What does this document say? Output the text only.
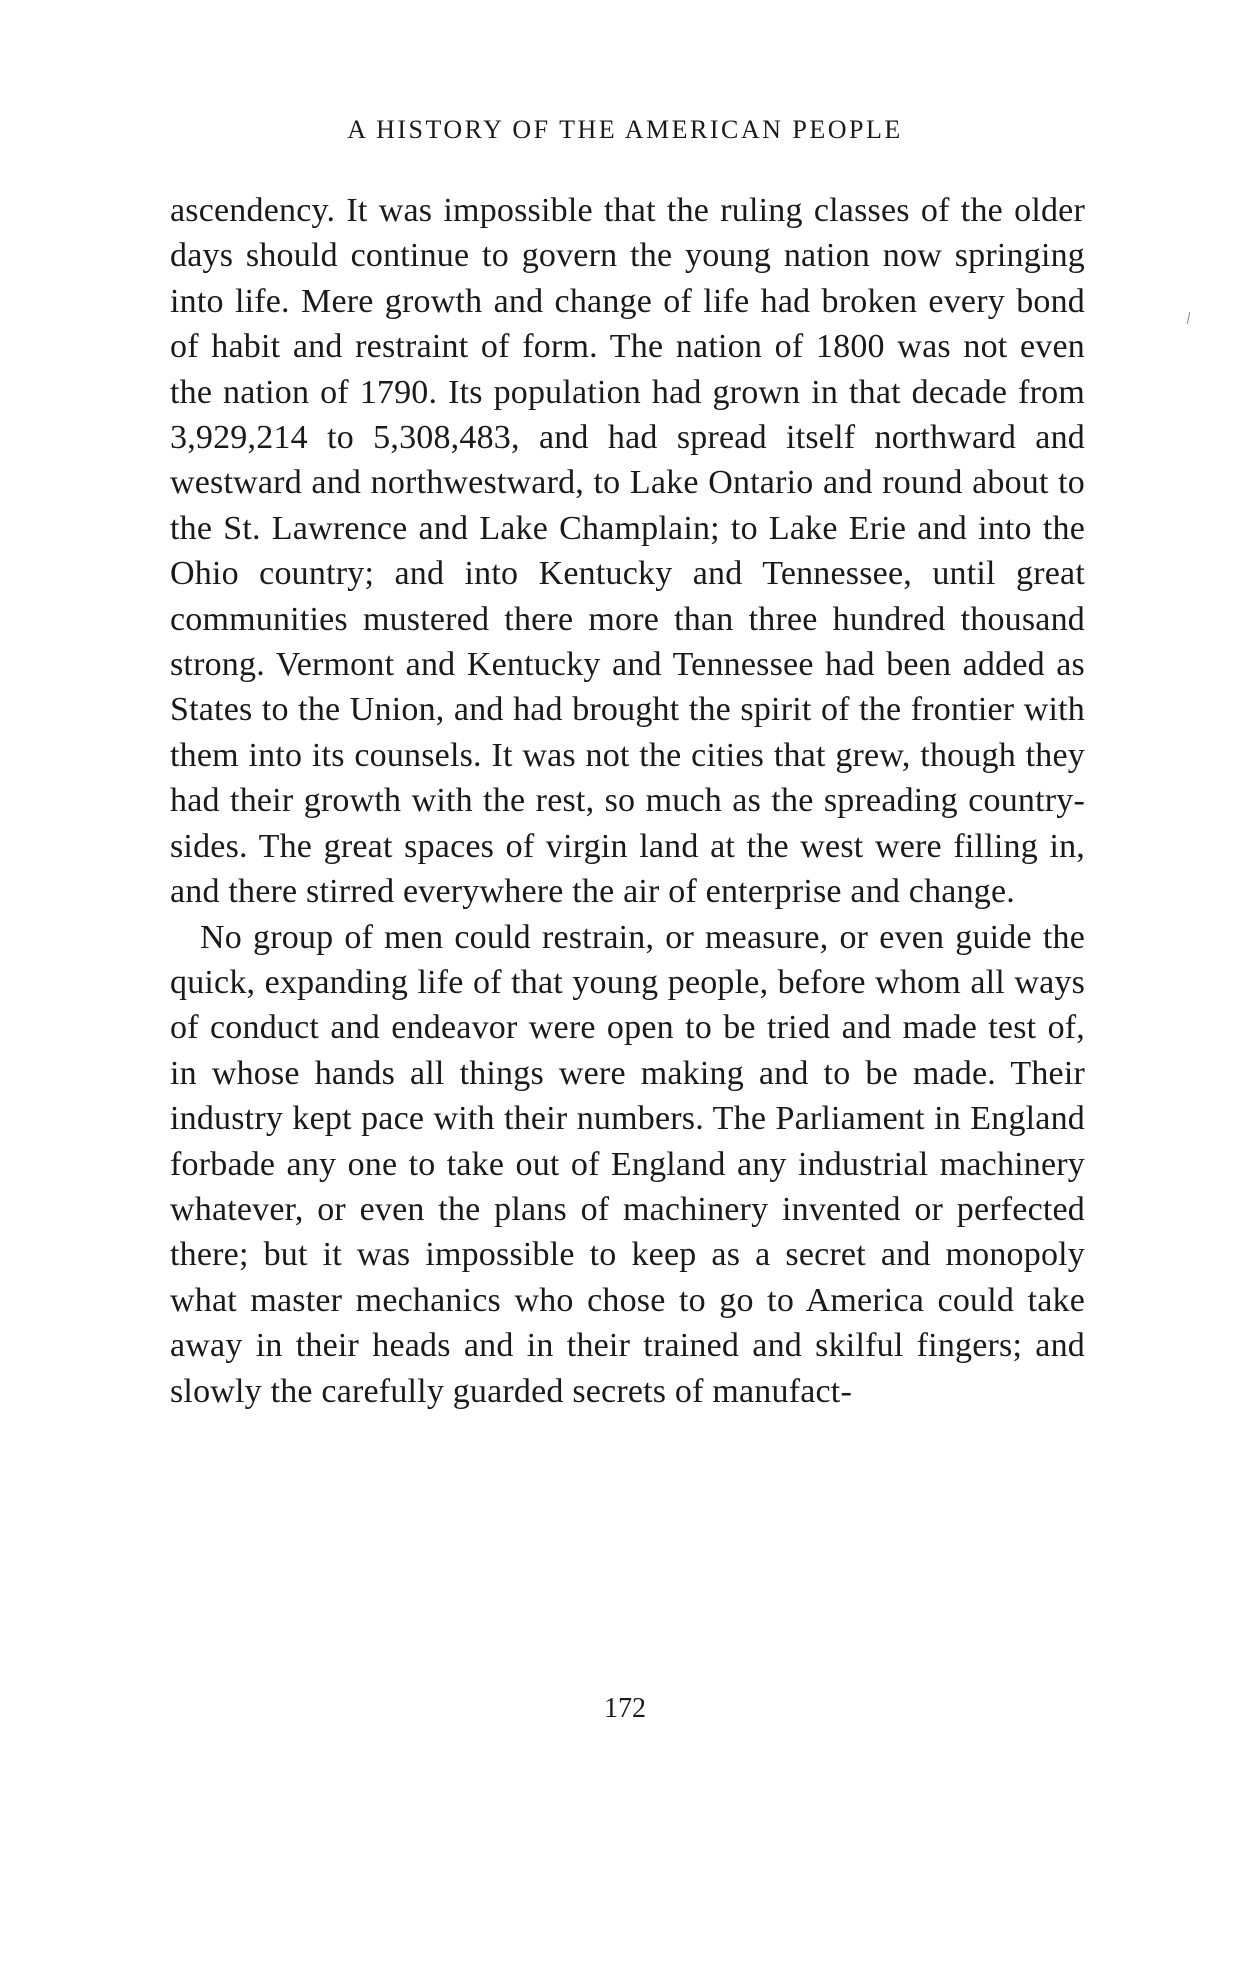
A HISTORY OF THE AMERICAN PEOPLE

ascendency. It was impossible that the ruling classes of the older days should continue to govern the young nation now springing into life. Mere growth and change of life had broken every bond of habit and restraint of form. The nation of 1800 was not even the nation of 1790. Its population had grown in that decade from 3,929,214 to 5,308,483, and had spread itself northward and westward and northwestward, to Lake Ontario and round about to the St. Lawrence and Lake Champlain; to Lake Erie and into the Ohio country; and into Kentucky and Tennessee, until great communities mustered there more than three hundred thousand strong. Vermont and Kentucky and Tennessee had been added as States to the Union, and had brought the spirit of the frontier with them into its counsels. It was not the cities that grew, though they had their growth with the rest, so much as the spreading country-sides. The great spaces of virgin land at the west were filling in, and there stirred everywhere the air of enterprise and change.

No group of men could restrain, or measure, or even guide the quick, expanding life of that young people, before whom all ways of conduct and endeavor were open to be tried and made test of, in whose hands all things were making and to be made. Their industry kept pace with their numbers. The Parliament in England forbade any one to take out of England any industrial machinery whatever, or even the plans of machinery invented or perfected there; but it was impossible to keep as a secret and monopoly what master mechanics who chose to go to America could take away in their heads and in their trained and skilful fingers; and slowly the carefully guarded secrets of manufact-

172
